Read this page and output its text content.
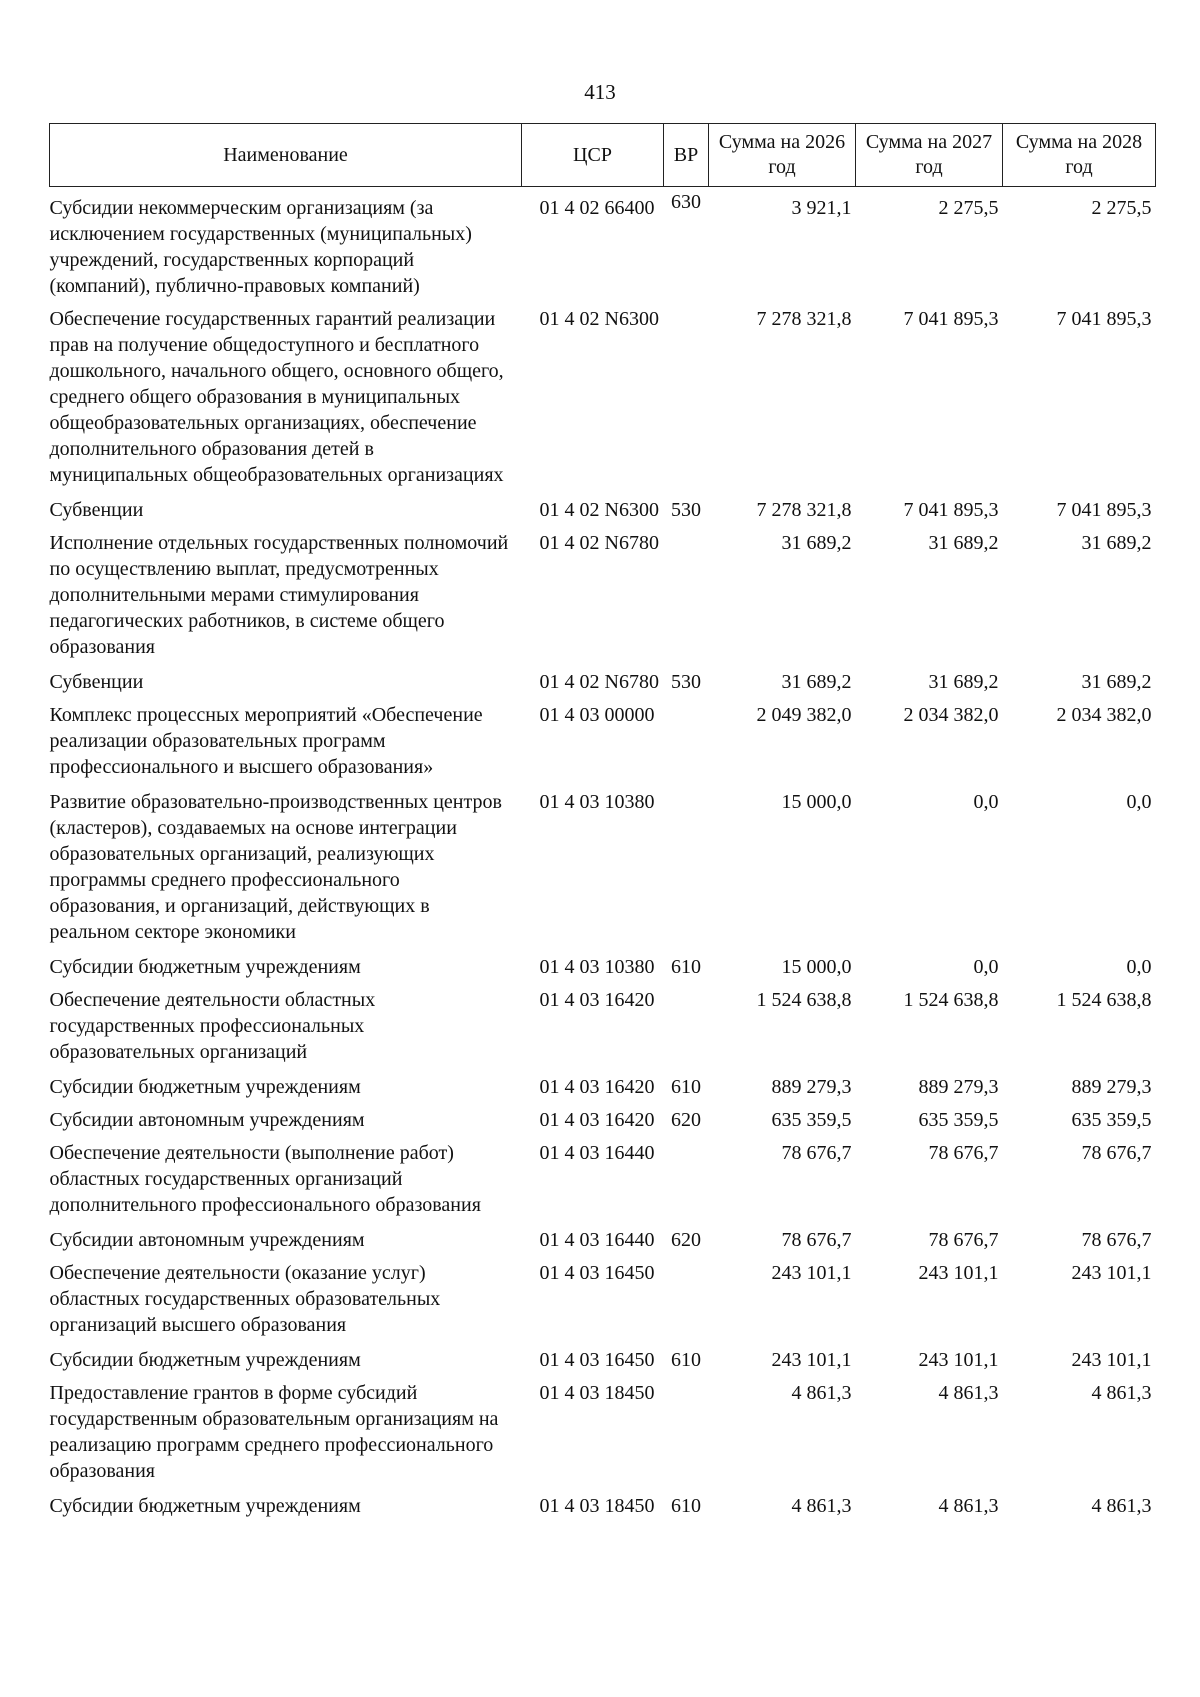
413
Наименование	ЦСР	ВР	Сумма на 2026 год	Сумма на 2027 год	Сумма на 2028 год
Субсидии некоммерческим организациям (за исключением государственных (муниципальных) учреждений, государственных корпораций (компаний), публично-правовых компаний)	01 4 02 66400	630	3 921,1	2 275,5	2 275,5
Обеспечение государственных гарантий реализации прав на получение общедоступного и бесплатного дошкольного, начального общего, основного общего, среднего общего образования в муниципальных общеобразовательных организациях, обеспечение дополнительного образования детей в муниципальных общеобразовательных организациях	01 4 02 N6300		7 278 321,8	7 041 895,3	7 041 895,3
Субвенции	01 4 02 N6300	530	7 278 321,8	7 041 895,3	7 041 895,3
Исполнение отдельных государственных полномочий по осуществлению выплат, предусмотренных дополнительными мерами стимулирования педагогических работников, в системе общего образования	01 4 02 N6780		31 689,2	31 689,2	31 689,2
Субвенции	01 4 02 N6780	530	31 689,2	31 689,2	31 689,2
Комплекс процессных мероприятий «Обеспечение реализации образовательных программ профессионального и высшего образования»	01 4 03 00000		2 049 382,0	2 034 382,0	2 034 382,0
Развитие образовательно-производственных центров (кластеров), создаваемых на основе интеграции образовательных организаций, реализующих программы среднего профессионального образования, и организаций, действующих в реальном секторе экономики	01 4 03 10380		15 000,0	0,0	0,0
Субсидии бюджетным учреждениям	01 4 03 10380	610	15 000,0	0,0	0,0
Обеспечение деятельности областных государственных профессиональных образовательных организаций	01 4 03 16420		1 524 638,8	1 524 638,8	1 524 638,8
Субсидии бюджетным учреждениям	01 4 03 16420	610	889 279,3	889 279,3	889 279,3
Субсидии автономным учреждениям	01 4 03 16420	620	635 359,5	635 359,5	635 359,5
Обеспечение деятельности (выполнение работ) областных государственных организаций дополнительного профессионального образования	01 4 03 16440		78 676,7	78 676,7	78 676,7
Субсидии автономным учреждениям	01 4 03 16440	620	78 676,7	78 676,7	78 676,7
Обеспечение деятельности (оказание услуг) областных государственных образовательных организаций высшего образования	01 4 03 16450		243 101,1	243 101,1	243 101,1
Субсидии бюджетным учреждениям	01 4 03 16450	610	243 101,1	243 101,1	243 101,1
Предоставление грантов в форме субсидий государственным образовательным организациям на реализацию программ среднего профессионального образования	01 4 03 18450		4 861,3	4 861,3	4 861,3
Субсидии бюджетным учреждениям	01 4 03 18450	610	4 861,3	4 861,3	4 861,3
